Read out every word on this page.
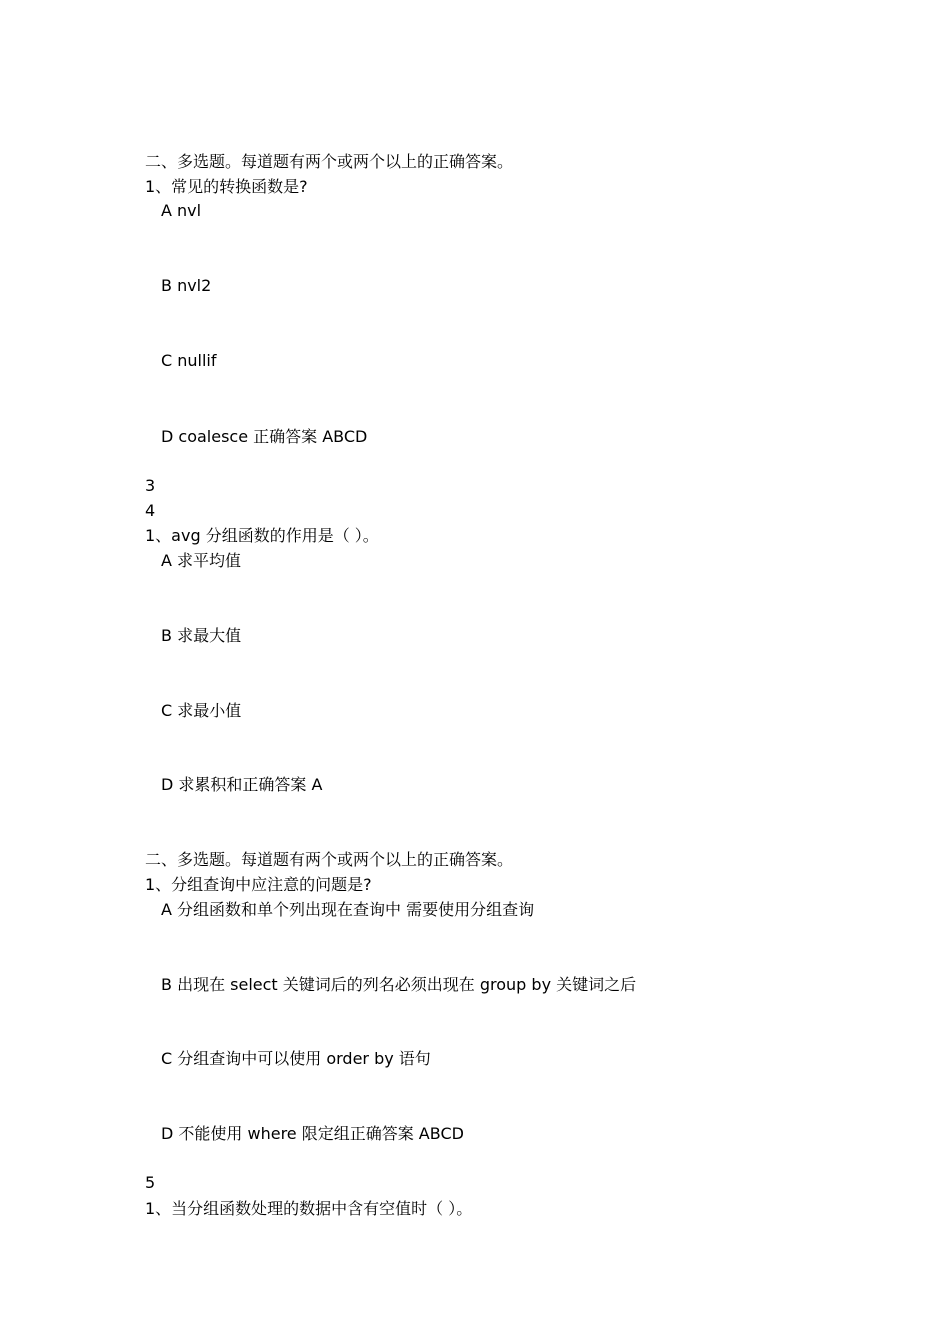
二、多选题。每道题有两个或两个以上的正确答案。
1、常见的转换函数是?
A nvl
B nvl2
C nullif
D coalesce 正确答案 ABCD
3
4
1、avg 分组函数的作用是（ ）。
A 求平均值
B 求最大值
C 求最小值
D 求累积和正确答案 A
二、多选题。每道题有两个或两个以上的正确答案。
1、分组查询中应注意的问题是?
A 分组函数和单个列出现在查询中 需要使用分组查询
B 出现在 select 关键词后的列名必须出现在 group by 关键词之后
C 分组查询中可以使用 order by 语句
D 不能使用 where 限定组正确答案 ABCD
5
1、当分组函数处理的数据中含有空值时（ ）。
